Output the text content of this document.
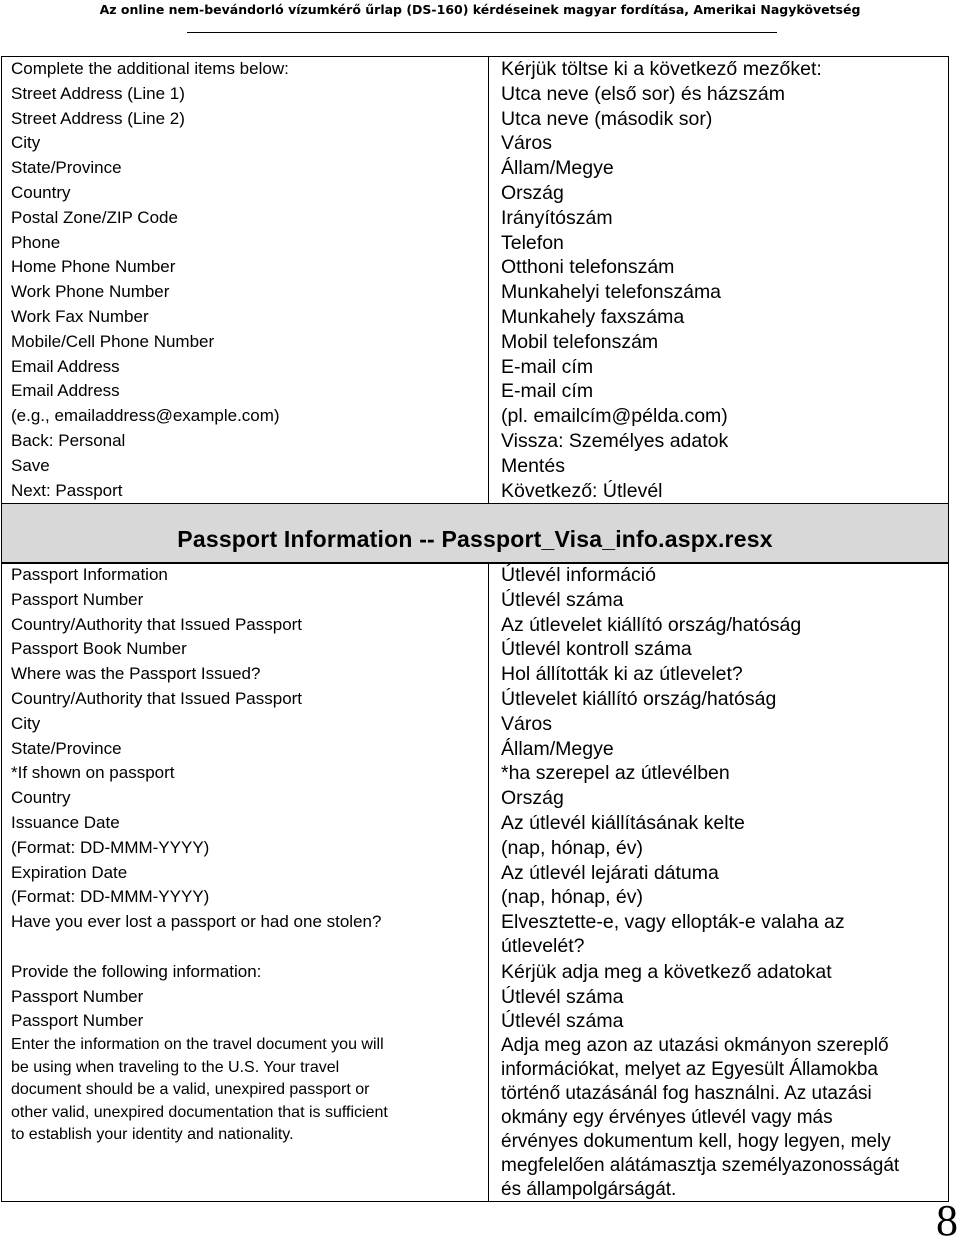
Az online nem-bevándorló vízumkérő űrlap (DS-160) kérdéseinek magyar fordítása, Amerikai Nagykövetség
Complete the additional items below:
Street Address (Line 1)
Street Address (Line 2)
City
State/Province
Country
Postal Zone/ZIP Code
Phone
Home Phone Number
Work Phone Number
Work Fax Number
Mobile/Cell Phone Number
Email Address
Email Address
(e.g., emailaddress@example.com)
Back: Personal
Save
Next: Passport
Kérjük töltse ki a következő mezőket:
Utca neve (első sor) és házszám
Utca neve (második sor)
Város
Állam/Megye
Ország
Irányítószám
Telefon
Otthoni telefonszám
Munkahelyi telefonszáma
Munkahely faxszáma
Mobil telefonszám
E-mail cím
E-mail cím
(pl. emailcím@példa.com)
Vissza: Személyes adatok
Mentés
Következő: Útlevél
Passport Information -- Passport_Visa_info.aspx.resx
Passport Information
Passport Number
Country/Authority that Issued Passport
Passport Book Number
Where was the Passport Issued?
Country/Authority that Issued Passport
City
State/Province
*If shown on passport
Country
Issuance Date
(Format: DD-MMM-YYYY)
Expiration Date
(Format: DD-MMM-YYYY)
Have you ever lost a passport or had one stolen?
Provide the following information:
Passport Number
Passport Number
Enter the information on the travel document you will
be using when traveling to the U.S. Your travel
document should be a valid, unexpired passport or
other valid, unexpired documentation that is sufficient
to establish your identity and nationality.
Útlevél információ
Útlevél száma
Az útlevelet kiállító ország/hatóság
Útlevél kontroll száma
Hol állították ki az útlevelet?
Útlevelet kiállító ország/hatóság
Város
Állam/Megye
*ha szerepel az útlevélben
Ország
Az útlevél kiállításának kelte
(nap, hónap, év)
Az útlevél lejárati dátuma
(nap, hónap, év)
Elvesztette-e, vagy ellopták-e valaha az
útlevelét?
Kérjük adja meg a következő adatokat
Útlevél száma
Útlevél száma
Adja meg azon az utazási okmányon szereplő
információkat, melyet az Egyesült Államokba
történő utazásánál fog használni. Az utazási
okmány egy érvényes útlevél vagy más
érvényes dokumentum kell, hogy legyen, mely
megfelelően alátámasztja személyazonosságát
és állampolgárságát.
8
